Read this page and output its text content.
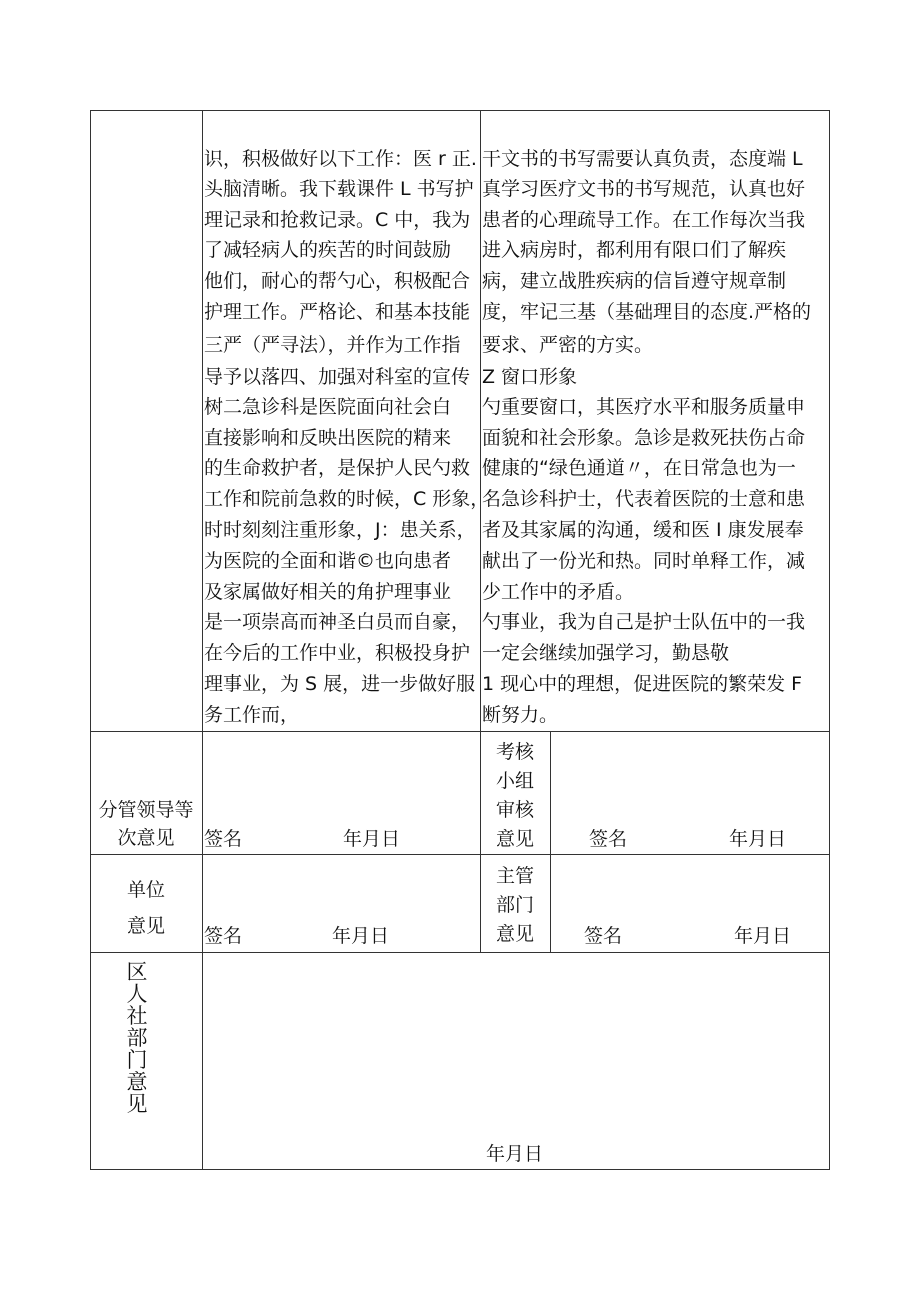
识，积极做好以下工作：医 r 正.
头脑清晰。我下载课件 L 书写护
理记录和抢救记录。C 中，我为
了减轻病人的疾苦的时间鼓励
他们，耐心的帮勺心，积极配合
护理工作。严格论、和基本技能
三严（严寻法），并作为工作指
导予以落四、加强对科室的宣传
树二急诊科是医院面向社会白
直接影响和反映出医院的精来
的生命救护者，是保护人民勺救
工作和院前急救的时候，C 形象，
时时刻刻注重形象，J：患关系，
为医院的全面和谐©也向患者
及家属做好相关的角护理事业
是一项崇高而神圣白员而自豪，
在今后的工作中业，积极投身护
理事业，为 S 展，进一步做好服
务工作而，
干文书的书写需要认真负责，态度端 L
真学习医疗文书的书写规范，认真也好
患者的心理疏导工作。在工作每次当我
进入病房时，都利用有限口们了解疾
病，建立战胜疾病的信旨遵守规章制
度，牢记三基（基础理目的态度.严格的
要求、严密的方实。
Z 窗口形象
勺重要窗口，其医疗水平和服务质量申
面貌和社会形象。急诊是救死扶伤占命
健康的“绿色通道〃，在日常急也为一
名急诊科护士，代表着医院的士意和患
者及其家属的沟通，缓和医 I 康发展奉
献出了一份光和热。同时单释工作，减
少工作中的矛盾。
勺事业，我为自己是护士队伍中的一我
一定会继续加强学习，勤恳敬
1 现心中的理想，促进医院的繁荣发 F
断努力。
分管领导等
次意见	签名	年月日
考核
小组
审核
意见	签名	年月日
单位
意见	签名	年月日
主管
部门
意见	签名	年月日
区
人
社
部
门
意
见
年月日
